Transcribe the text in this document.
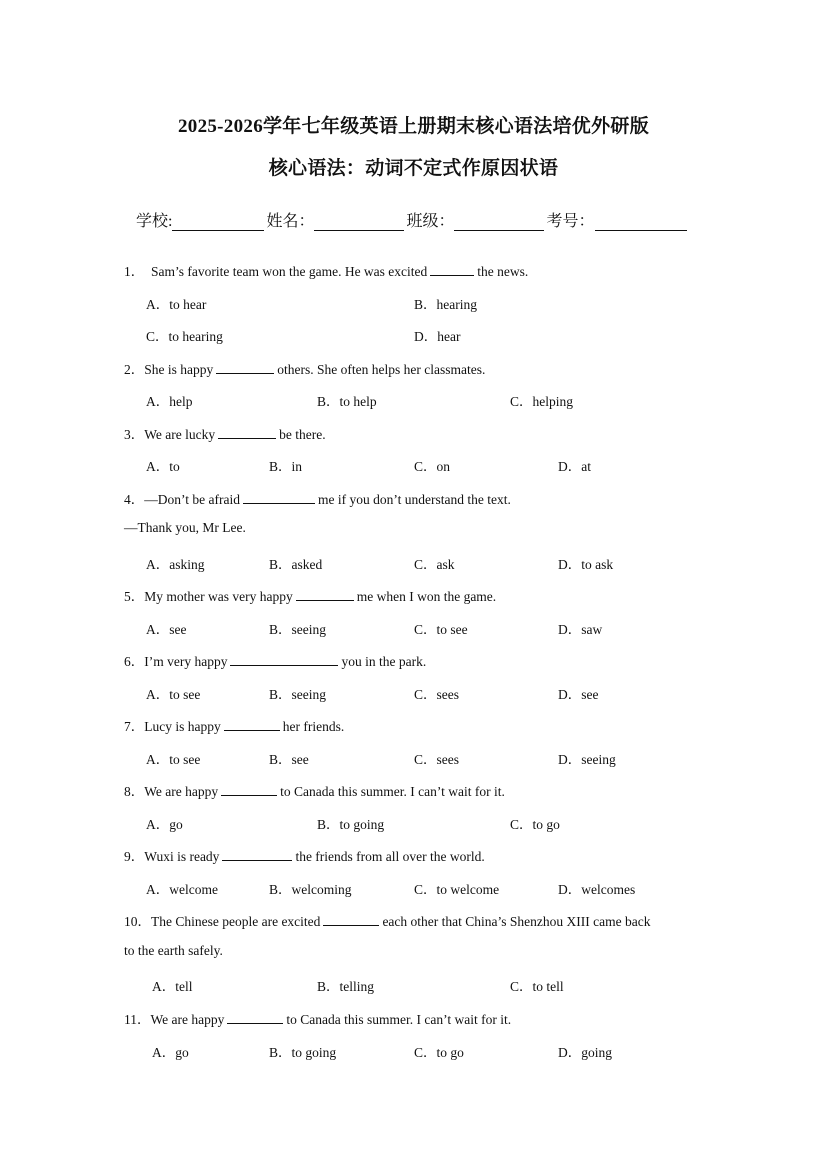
2025-2026学年七年级英语上册期末核心语法培优外研版
核心语法：动词不定式作原因状语
学校:	姓名：	班级：	考号：
1． Sam’s favorite team won the game. He was excited	the news.
A．to hear	B．hearing
C．to hearing	D．hear
2．She is happy	others. She often helps her classmates.
A．help	B．to help	C．helping
3．We are lucky	be there.
A．to	B．in	C．on	D．at
4．—Don’t be afraid	me if you don’t understand the text.
—Thank you, Mr Lee.
A．asking	B．asked	C．ask	D．to ask
5．My mother was very happy	me when I won the game.
A．see	B．seeing	C．to see	D．saw
6．I’m very happy	you in the park.
A．to see	B．seeing	C．sees	D．see
7．Lucy is happy	her friends.
A．to see	B．see	C．sees	D．seeing
8．We are happy	to Canada this summer. I can’t wait for it.
A．go	B．to going	C．to go
9．Wuxi is ready	the friends from all over the world.
A．welcome	B．welcoming	C．to welcome	D．welcomes
10．The Chinese people are excited	each other that China’s Shenzhou XIII came back
to the earth safely.
A．tell	B．telling	C．to tell
11．We are happy	to Canada this summer. I can’t wait for it.
A．go	B．to going	C．to go	D．going
